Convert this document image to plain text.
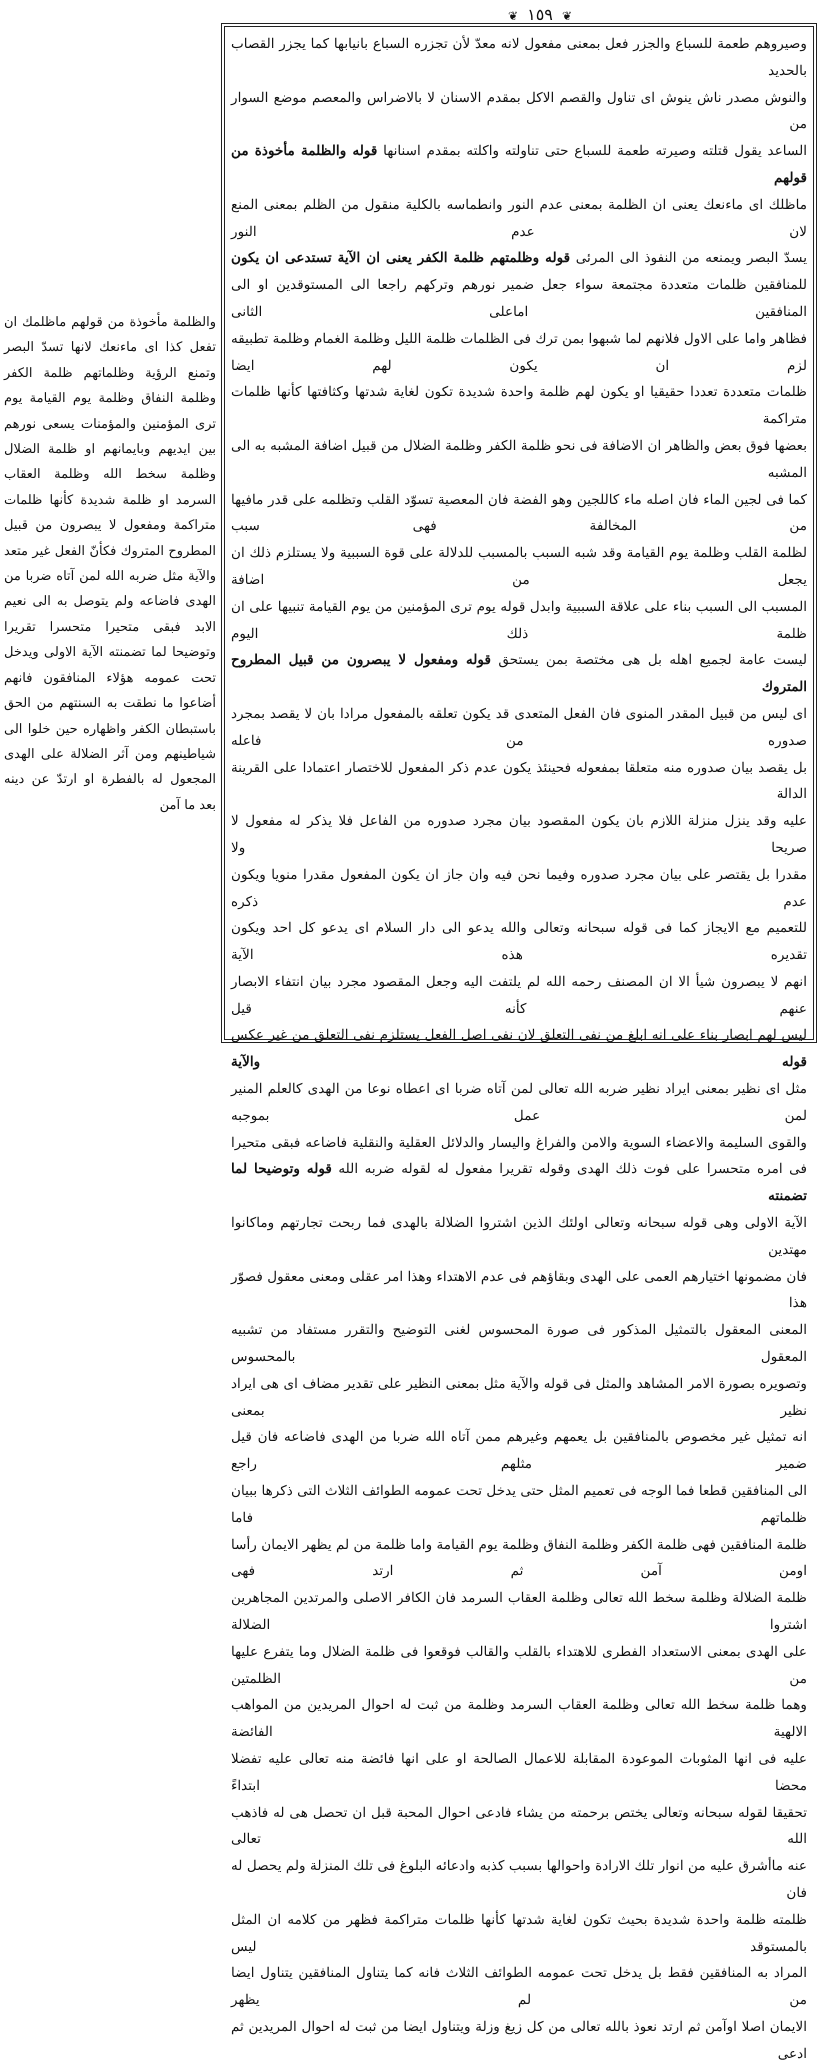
❦ ١٥٩ ❦

وصيروهم طعمة للسباع والجزر فعل بمعنى مفعول لانه معدّ لأن تجزره السباع بانيابها كما يجزر القصاب بالحديد

والنوش مصدر ناش ينوش اى تناول والقصم الاكل بمقدم الاسنان لا بالاضراس والمعصم موضع السوار من

الساعد يقول قتلته وصيرته طعمة للسباع حتى تناولته واكلته بمقدم اسنانها قوله والظلمة مأخوذة من قولهم

ماظلك اى ماءنعك يعنى ان الظلمة بمعنى عدم النور وانطماسه بالكلية منقول من الظلم بمعنى المنع لان عدم النور

يسدّ البصر ويمنعه من النفوذ الى المرئى قوله وظلمتهم ظلمة الكفر يعنى ان الآية تستدعى ان يكون

للمنافقين ظلمات متعددة مجتمعة سواء جعل ضمير نورهم وتركهم راجعا الى المستوقدين او الى المنافقين اماعلى الثانى

فظاهر واما على الاول فلانهم لما شبهوا بمن ترك فى الظلمات ظلمة الليل وظلمة الغمام وظلمة تطبيقه لزم ان يكون لهم ايضا

ظلمات متعددة تعددا حقيقيا او يكون لهم ظلمة واحدة شديدة تكون لغاية شدتها وكثافتها كأنها ظلمات متراكمة

بعضها فوق بعض والظاهر ان الاضافة فى نحو ظلمة الكفر وظلمة الضلال من قبيل اضافة المشبه به الى المشبه

كما فى لجين الماء فان اصله ماء كاللجين وهو الفضة فان المعصية تسوّد القلب وتظلمه على قدر مافيها من المخالفة فهى سبب

لظلمة القلب وظلمة يوم القيامة وقد شبه السبب بالمسبب للدلالة على قوة السببية ولا يستلزم ذلك ان يجعل من اضافة

المسبب الى السبب بناء على علاقة السببية وابدل قوله يوم ترى المؤمنين من يوم القيامة تنبيها على ان ظلمة ذلك اليوم

ليست عامة لجميع اهله بل هى مختصة بمن يستحق قوله ومفعول لا يبصرون من قبيل المطروح المتروك

اى ليس من قبيل المقدر المنوى فان الفعل المتعدى قد يكون تعلقه بالمفعول مرادا بان لا يقصد بمجرد صدوره من فاعله

بل يقصد بيان صدوره منه متعلقا بمفعوله فحينئذ يكون عدم ذكر المفعول للاختصار اعتمادا على القرينة الدالة

عليه وقد ينزل منزلة اللازم بان يكون المقصود بيان مجرد صدوره من الفاعل فلا يذكر له مفعول لا صريحا ولا

مقدرا بل يقتصر على بيان مجرد صدوره وفيما نحن فيه وان جاز ان يكون المفعول مقدرا منويا ويكون عدم ذكره

للتعميم مع الايجاز كما فى قوله سبحانه وتعالى والله يدعو الى دار السلام اى يدعو كل احد ويكون تقديره هذه الآية

انهم لا يبصرون شيأ الا ان المصنف رحمه الله لم يلتفت اليه وجعل المقصود مجرد بيان انتفاء الابصار عنهم كأنه قيل

ليس لهم ابصار بناء على انه ابلغ من نفى التعلق لان نفى اصل الفعل يستلزم نفى التعلق من غير عكس قوله والآية

مثل اى نظير بمعنى ايراد نظير ضربه الله تعالى لمن آتاه ضربا اى اعطاه نوعا من الهدى كالعلم المنير لمن عمل بموجبه

والقوى السليمة والاعضاء السوية والامن والفراغ واليسار والدلائل العقلية والنقلية فاضاعه فبقى متحيرا

فى امره متحسرا على فوت ذلك الهدى وقوله تقريرا مفعول له لقوله ضربه الله قوله وتوضيحا لما تضمنته

الآية الاولى وهى قوله سبحانه وتعالى اولئك الذين اشتروا الضلالة بالهدى فما ربحت تجارتهم وماكانوا مهتدين

فان مضمونها اختيارهم العمى على الهدى وبقاؤهم فى عدم الاهتداء وهذا امر عقلى ومعنى معقول فصوّر هذا

المعنى المعقول بالتمثيل المذكور فى صورة المحسوس لغنى التوضيح والتقرر مستفاد من تشبيه المعقول بالمحسوس

وتصويره بصورة الامر المشاهد والمثل فى قوله والآية مثل بمعنى النظير على تقدير مضاف اى هى ايراد نظير بمعنى

انه تمثيل غير مخصوص بالمنافقين بل يعمهم وغيرهم ممن آتاه الله ضربا من الهدى فاضاعه فان قيل ضمير مثلهم راجع

الى المنافقين قطعا فما الوجه فى تعميم المثل حتى يدخل تحت عمومه الطوائف الثلاث التى ذكرها ببيان ظلماتهم فاما

ظلمة المنافقين فهى ظلمة الكفر وظلمة النفاق وظلمة يوم القيامة واما ظلمة من لم يظهر الايمان رأسا اومن آمن ثم ارتد فهى

ظلمة الضلالة وظلمة سخط الله تعالى وظلمة العقاب السرمد فان الكافر الاصلى والمرتدين المجاهرين اشتروا الضلالة

على الهدى بمعنى الاستعداد الفطرى للاهتداء بالقلب والقالب فوقعوا فى ظلمة الضلال وما يتفرع عليها من الظلمتين

وهما ظلمة سخط الله تعالى وظلمة العقاب السرمد وظلمة من ثبت له احوال المريدين من المواهب الالهية الفائضة

عليه فى انها المثوبات الموعودة المقابلة للاعمال الصالحة او على انها فائضة منه تعالى عليه تفضلا محضا ابتداءً

تحقيقا لقوله سبحانه وتعالى يختص برحمته من يشاء فادعى احوال المحبة قبل ان تحصل هى له فاذهب الله تعالى

عنه ماأشرق عليه من انوار تلك الارادة واحوالها بسبب كذبه وادعائه البلوغ فى تلك المنزلة ولم يحصل له فان

ظلمته ظلمة واحدة شديدة بحيث تكون لغاية شدتها كأنها ظلمات متراكمة فظهر من كلامه ان المثل بالمستوقد ليس

المراد به المنافقين فقط بل يدخل تحت عمومه الطوائف الثلاث فانه كما يتناول المنافقين يتناول ايضا من لم يظهر

الايمان اصلا اوآمن ثم ارتد نعوذ بالله تعالى من كل زيغ وزلة ويتناول ايضا من ثبت له احوال المريدين ثم ادعى

والظلمة مأخوذة من قولهم ماظلمك ان تفعل كذا اى ماءنعك لانها تسدّ البصر وتمنع الرؤية وظلماتهم ظلمة الكفر وظلمة النفاق وظلمة يوم القيامة يوم ترى المؤمنين والمؤمنات يسعى نورهم بين ايديهم وبايمانهم او ظلمة الضلال وظلمة سخط الله وظلمة العقاب السرمد او ظلمة شديدة كأنها ظلمات متراكمة ومفعول لا يبصرون من قبيل المطروح المتروك فكأنّ الفعل غير متعد والآية مثل ضربه الله لمن آتاه ضربا من الهدى فاضاعه ولم يتوصل به الى نعيم الابد فبقى متحيرا متحسرا تقريرا وتوضيحا لما تضمنته الآية الاولى ويدخل تحت عمومه هؤلاء المنافقون فانهم أضاعوا ما نطقت به السنتهم من الحق باستبطان الكفر واظهاره حين خلوا الى شياطينهم ومن آثر الضلالة على الهدى المجعول له بالفطرة او ارتدّ عن دينه بعد ما آمن
